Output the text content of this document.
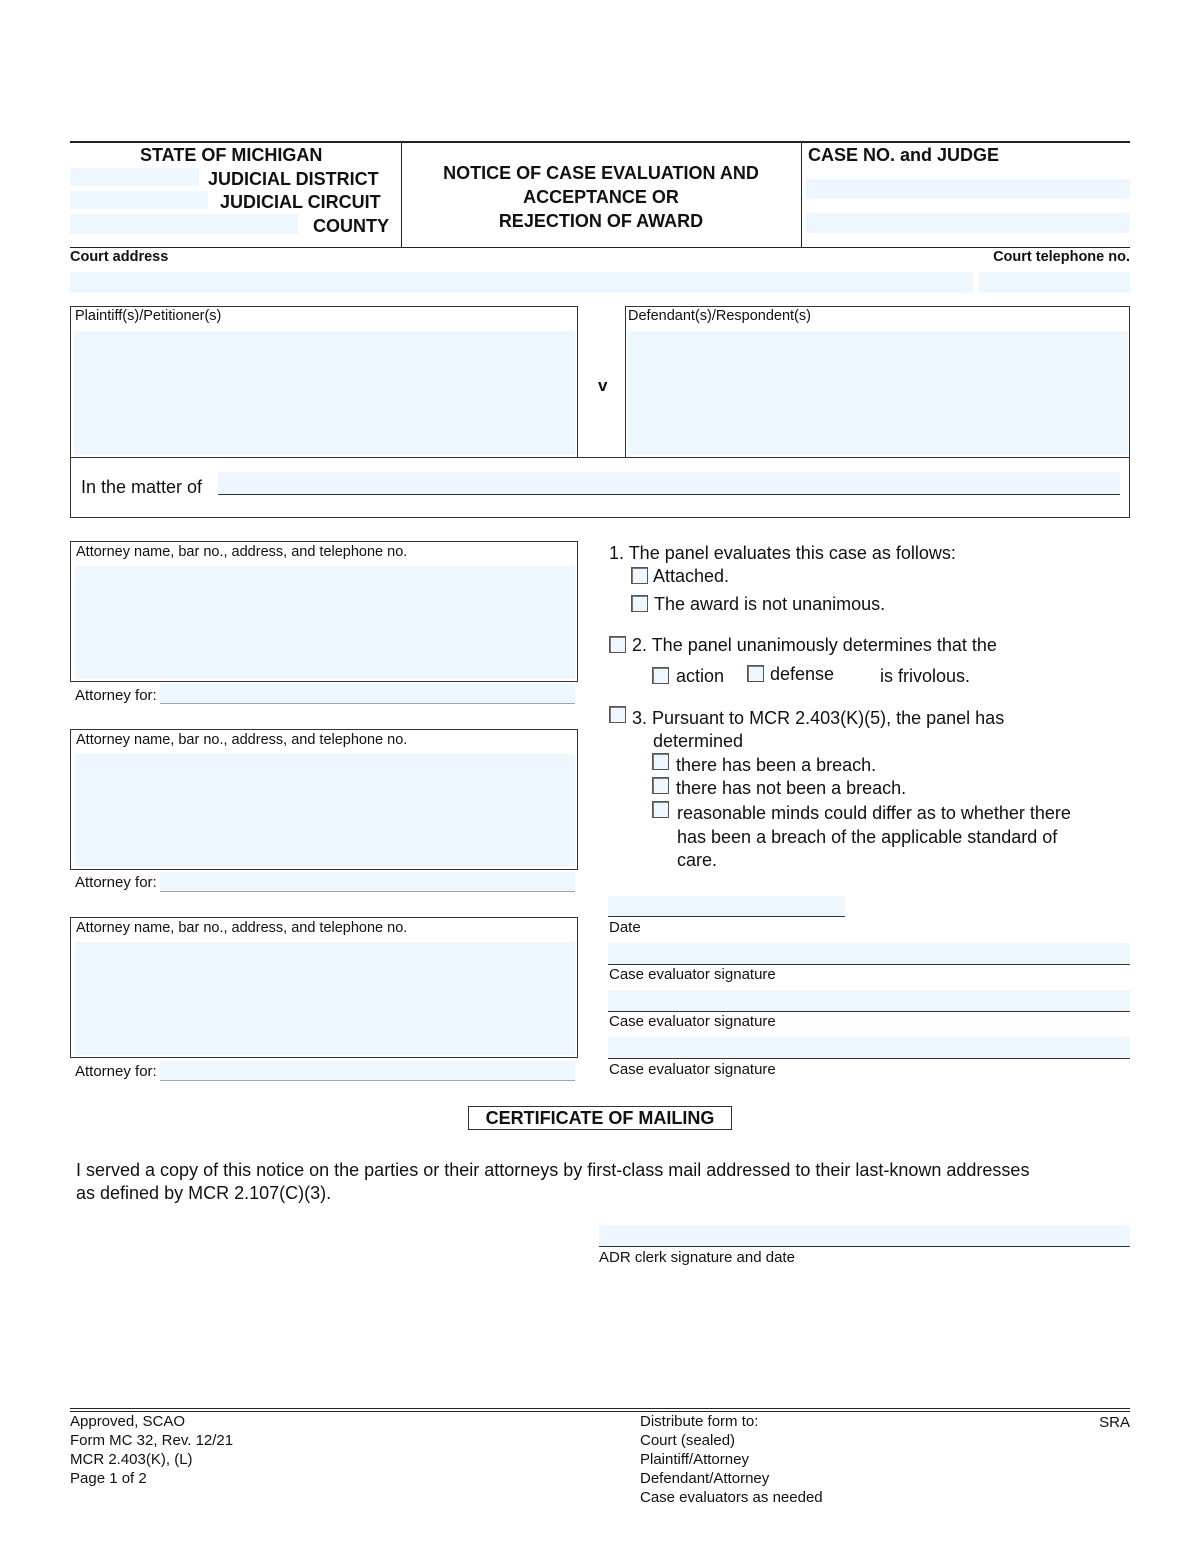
STATE OF MICHIGAN
JUDICIAL DISTRICT
JUDICIAL CIRCUIT
COUNTY
NOTICE OF CASE EVALUATION AND
ACCEPTANCE OR
REJECTION OF AWARD
CASE NO. and JUDGE
Court address	Court telephone no.
Plaintiff(s)/Petitioner(s)
v
Defendant(s)/Respondent(s)
In the matter of
Attorney name, bar no., address, and telephone no.
Attorney for:
Attorney name, bar no., address, and telephone no.
Attorney for:
Attorney name, bar no., address, and telephone no.
Attorney for:
1. The panel evaluates this case as follows:
Attached.
The award is not unanimous.
2. The panel unanimously determines that the
action	defense	is frivolous.
3. Pursuant to MCR 2.403(K)(5), the panel has
determined
there has been a breach.
there has not been a breach.
reasonable minds could differ as to whether there
has been a breach of the applicable standard of
care.
Date
Case evaluator signature
Case evaluator signature
Case evaluator signature
CERTIFICATE OF MAILING
I served a copy of this notice on the parties or their attorneys by first-class mail addressed to their last-known addresses
as defined by MCR 2.107(C)(3).
ADR clerk signature and date
Approved, SCAO
Form MC 32, Rev. 12/21
MCR 2.403(K), (L)
Page 1 of 2
Distribute form to:
Court (sealed)
Plaintiff/Attorney
Defendant/Attorney
Case evaluators as needed
SRA
